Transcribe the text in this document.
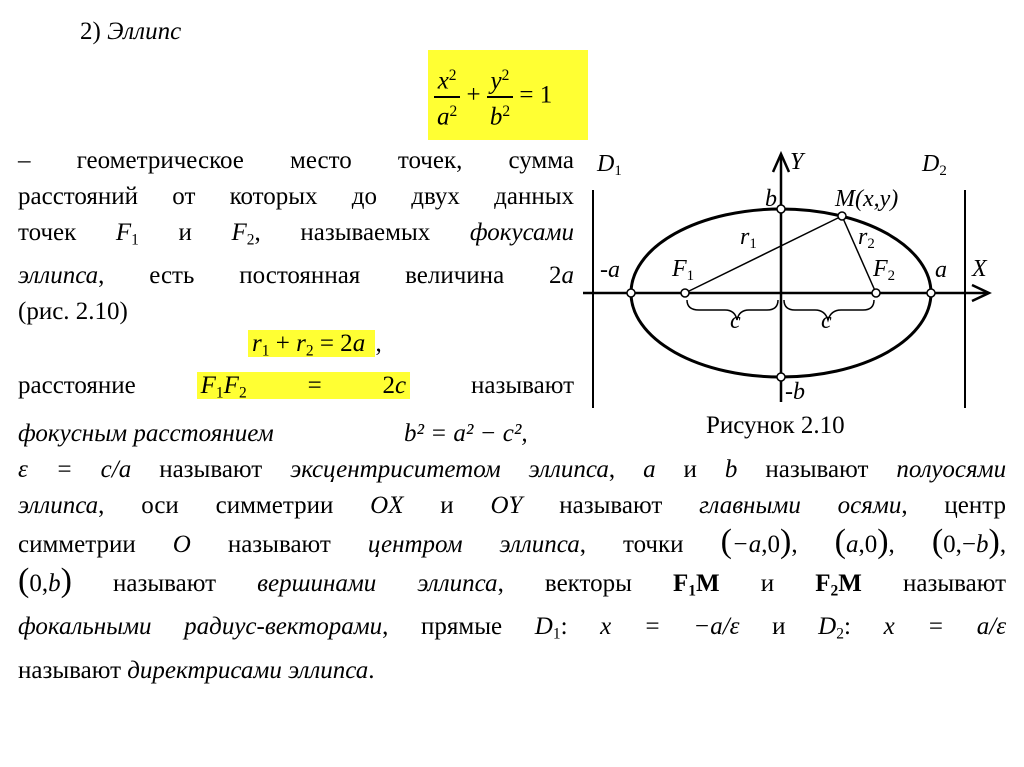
2) Эллипс
$\frac{x^2}{a^2} + \frac{y^2}{b^2} = 1$
– геометрическое место точек, сумма
расстояний от которых до двух данных
точек $F_1$ и $F_2$, называемых фокусами
эллипса, есть постоянная величина 2a
(рис. 2.10)
$r_1 + r_2 = 2a$ ,
расстояние	$F_1F_2 = 2c$	называют
фокусным расстоянием	b² = a² − c²,
ε = c/a называют эксцентриситетом эллипса, a и b называют полуосями
эллипса, оси симметрии OX и OY называют главными осями, центр
симметрии O называют центром эллипса, точки (−a,0), (a,0), (0,−b),
(0,b) называют вершинами эллипса, векторы $F_1M$ и $F_2M$ называют
фокальными радиус-векторами, прямые $D_1$: x = −a/ε и $D_2$: x = a/ε
называют директрисами эллипса.
$D_1$	$D_2$
Y
X
b
-b
-a	a
M(x,y)
$r_1$	$r_2$
$F_1$	$F_2$
c	c
Рисунок 2.10
